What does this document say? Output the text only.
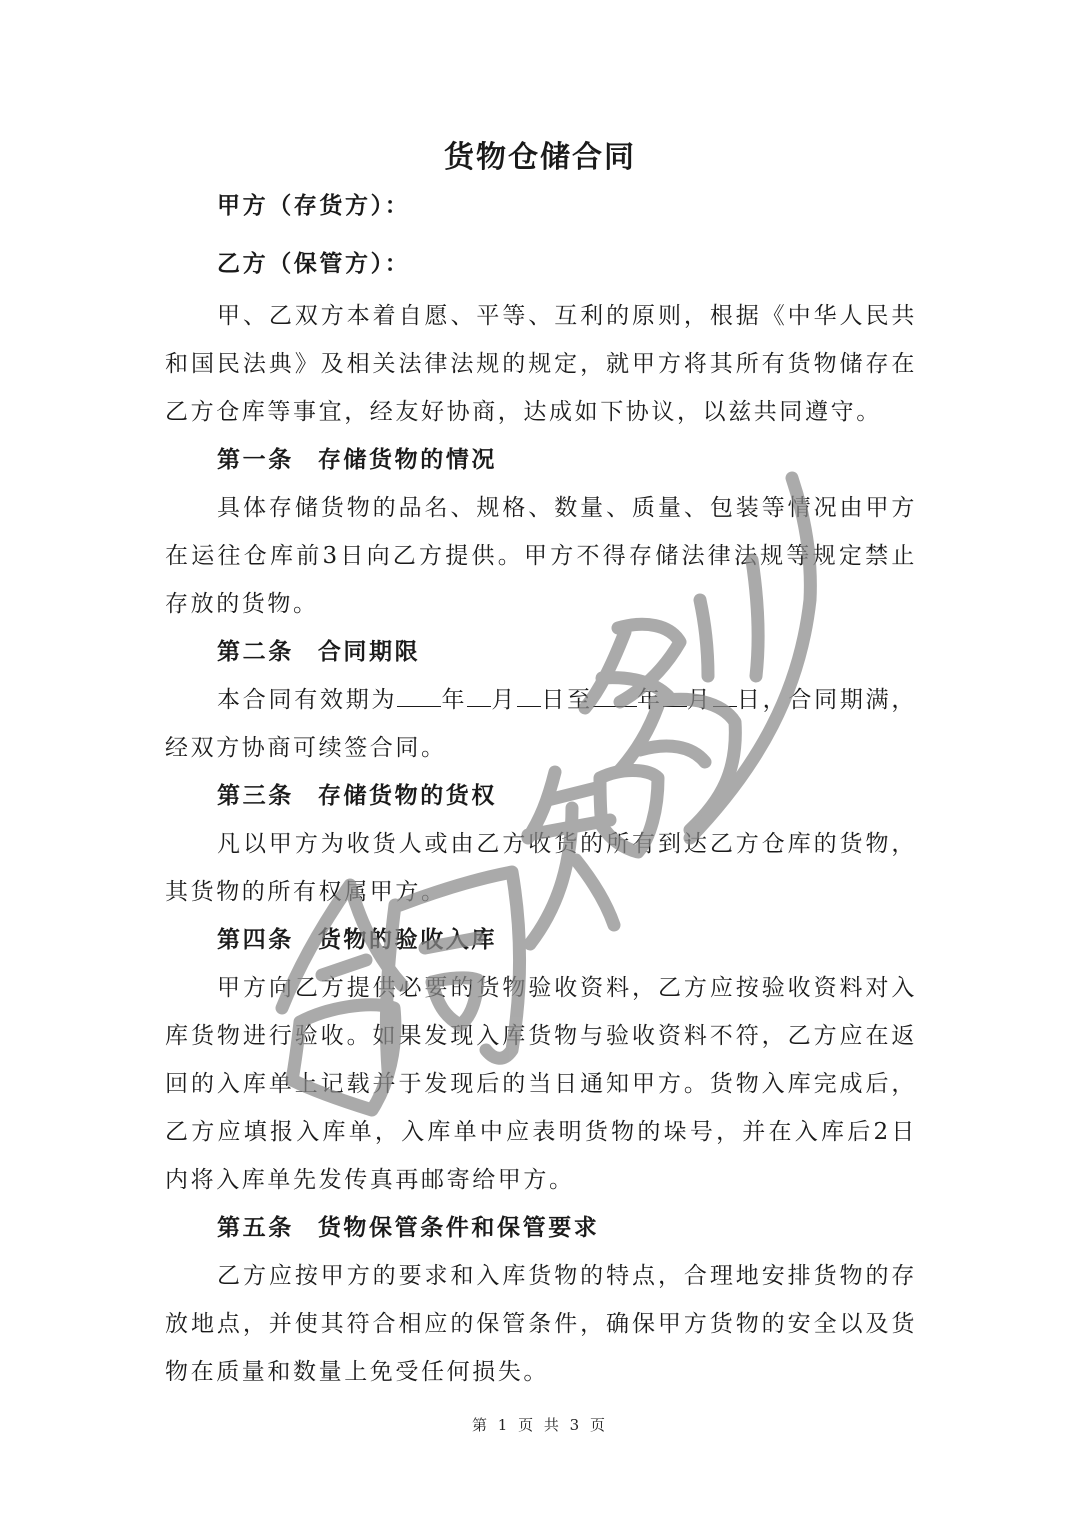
货物仓储合同

甲方（存货方）：

乙方（保管方）：

甲、乙双方本着自愿、平等、互利的原则，根据《中华人民共和国民法典》及相关法律法规的规定，就甲方将其所有货物储存在乙方仓库等事宜，经友好协商，达成如下协议，以兹共同遵守。

第一条 存储货物的情况

具体存储货物的品名、规格、数量、质量、包装等情况由甲方在运往仓库前3日向乙方提供。甲方不得存储法律法规等规定禁止存放的货物。

第二条 合同期限

本合同有效期为 年 月 日至 年 月 日，合同期满，经双方协商可续签合同。

第三条 存储货物的货权

凡以甲方为收货人或由乙方收货的所有到达乙方仓库的货物，其货物的所有权属甲方。

第四条 货物的验收入库

甲方向乙方提供必要的货物验收资料，乙方应按验收资料对入库货物进行验收。如果发现入库货物与验收资料不符，乙方应在返回的入库单上记载并于发现后的当日通知甲方。货物入库完成后，乙方应填报入库单，入库单中应表明货物的垛号，并在入库后2日内将入库单先发传真再邮寄给甲方。

第五条 货物保管条件和保管要求

乙方应按甲方的要求和入库货物的特点，合理地安排货物的存放地点，并使其符合相应的保管条件，确保甲方货物的安全以及货物在质量和数量上免受任何损失。

第 1 页 共 3 页
